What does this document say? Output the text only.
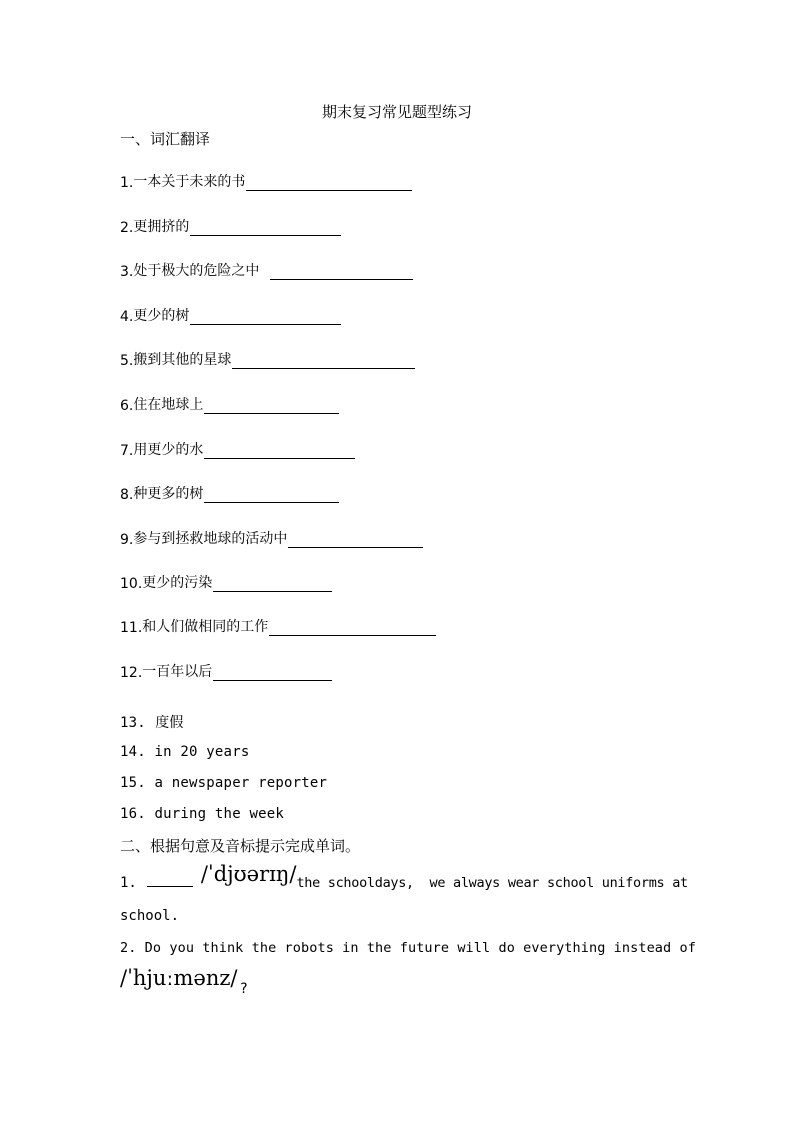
期末复习常见题型练习
一、词汇翻译
1. 一本关于未来的书
2. 更拥挤的
3. 处于极大的危险之中
4. 更少的树
5. 搬到其他的星球
6. 住在地球上
7. 用更少的水
8. 种更多的树
9. 参与到拯救地球的活动中
10. 更少的污染
11. 和人们做相同的工作
12. 一百年以后
13. 度假
14. in 20 years
15. a newspaper reporter
16. during the week
二、根据句意及音标提示完成单词。
1.	/ˈdjʊərɪŋ/the schooldays,  we always wear school uniforms at
school.
2. Do you think the robots in the future will do everything instead of
/ˈhjuːmənz/ ?
